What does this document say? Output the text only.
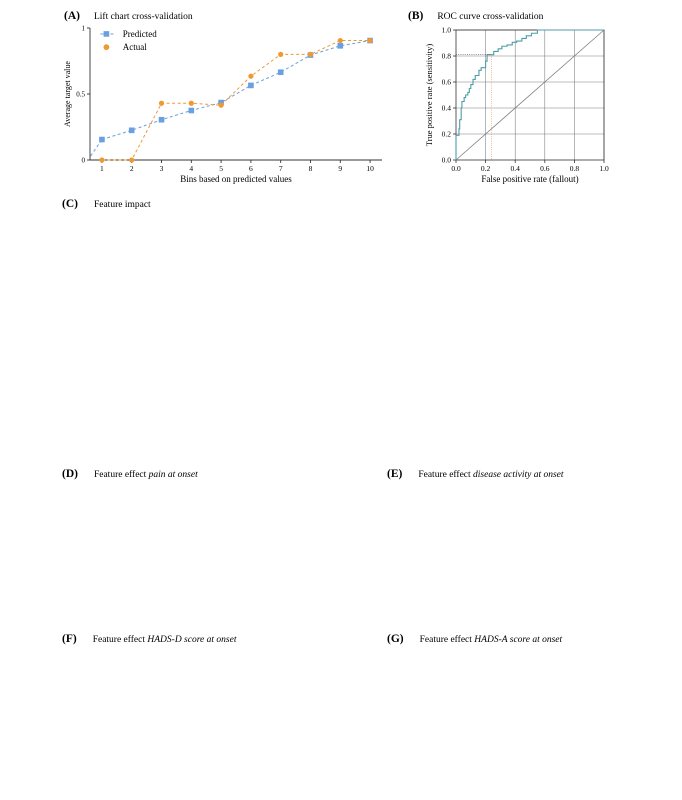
(A) Lift chart cross-validation
0
0.5
1
1	2	3	4	5	6	7	8	9	10
Bins based on predicted values
Average target value
Predicted
Actual
(B) ROC curve cross-validation
0.0
0.0
0.2
0.2
0.4
0.4
0.6
0.6
0.8
0.8
1.0
1.0
False positive rate (fallout)
True positive rate (sensitivity)
(C) Feature impact
(D) Feature effect pain at onset	(E) Feature effect disease activity at onset
(F) Feature effect HADS-D score at onset	(G) Feature effect HADS-A score at onset
